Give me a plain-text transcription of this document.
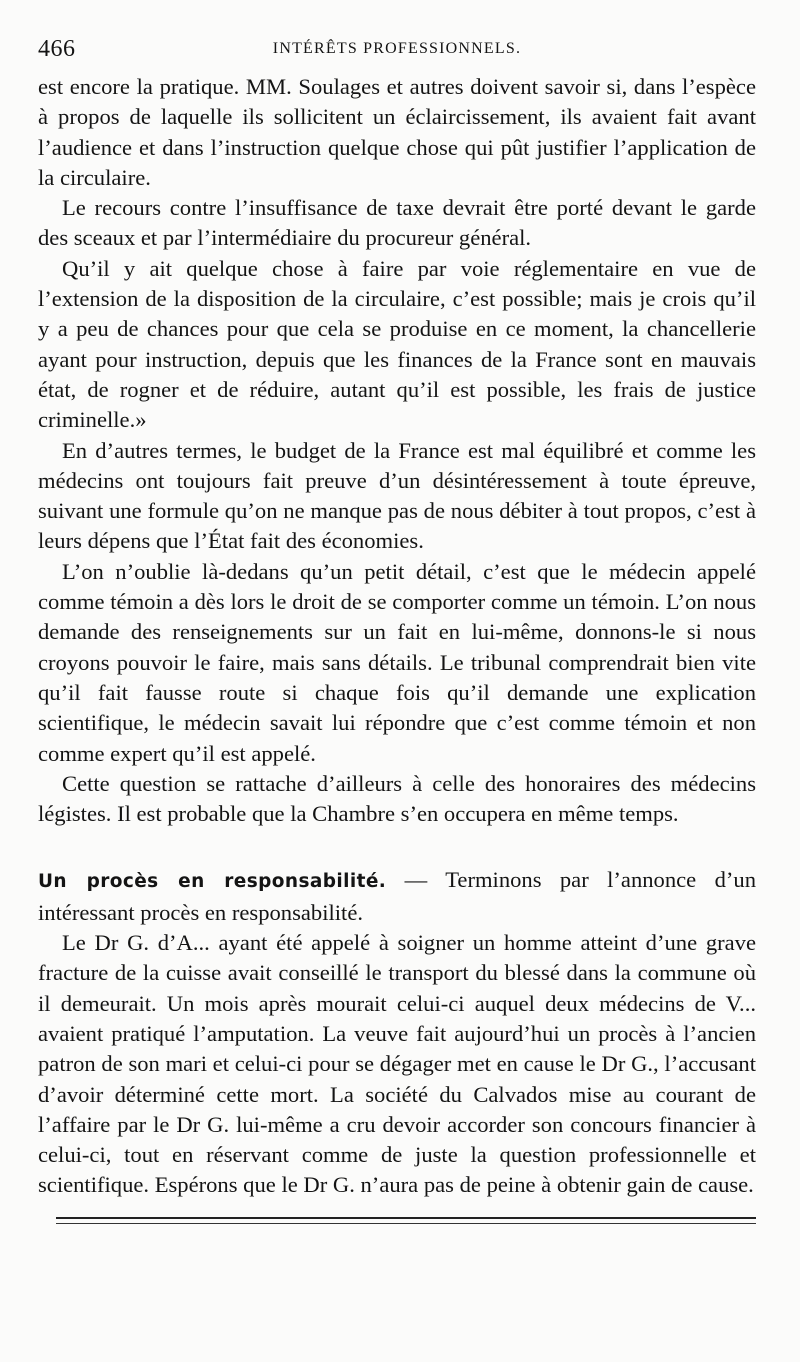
466	INTÉRÊTS PROFESSIONNELS.

est encore la pratique. MM. Soulages et autres doivent savoir si, dans l’espèce à propos de laquelle ils sollicitent un éclaircissement, ils avaient fait avant l’audience et dans l’instruction quelque chose qui pût justifier l’application de la circulaire.

Le recours contre l’insuffisance de taxe devrait être porté devant le garde des sceaux et par l’intermédiaire du procureur général.

Qu’il y ait quelque chose à faire par voie réglementaire en vue de l’extension de la disposition de la circulaire, c’est possible; mais je crois qu’il y a peu de chances pour que cela se produise en ce moment, la chancellerie ayant pour instruction, depuis que les finances de la France sont en mauvais état, de rogner et de réduire, autant qu’il est possible, les frais de justice criminelle.»

En d’autres termes, le budget de la France est mal équilibré et comme les médecins ont toujours fait preuve d’un désintéressement à toute épreuve, suivant une formule qu’on ne manque pas de nous débiter à tout propos, c’est à leurs dépens que l’État fait des économies.

L’on n’oublie là-dedans qu’un petit détail, c’est que le médecin appelé comme témoin a dès lors le droit de se comporter comme un témoin. L’on nous demande des renseignements sur un fait en lui-même, donnons-le si nous croyons pouvoir le faire, mais sans détails. Le tribunal comprendrait bien vite qu’il fait fausse route si chaque fois qu’il demande une explication scientifique, le médecin savait lui répondre que c’est comme témoin et non comme expert qu’il est appelé.

Cette question se rattache d’ailleurs à celle des honoraires des médecins légistes. Il est probable que la Chambre s’en occupera en même temps.

Un procès en responsabilité. — Terminons par l’annonce d’un intéressant procès en responsabilité.

Le Dr G. d’A... ayant été appelé à soigner un homme atteint d’une grave fracture de la cuisse avait conseillé le transport du blessé dans la commune où il demeurait. Un mois après mourait celui-ci auquel deux médecins de V... avaient pratiqué l’amputation. La veuve fait aujourd’hui un procès à l’ancien patron de son mari et celui-ci pour se dégager met en cause le Dr G., l’accusant d’avoir déterminé cette mort. La société du Calvados mise au courant de l’affaire par le Dr G. lui-même a cru devoir accorder son concours financier à celui-ci, tout en réservant comme de juste la question professionnelle et scientifique. Espérons que le Dr G. n’aura pas de peine à obtenir gain de cause.
